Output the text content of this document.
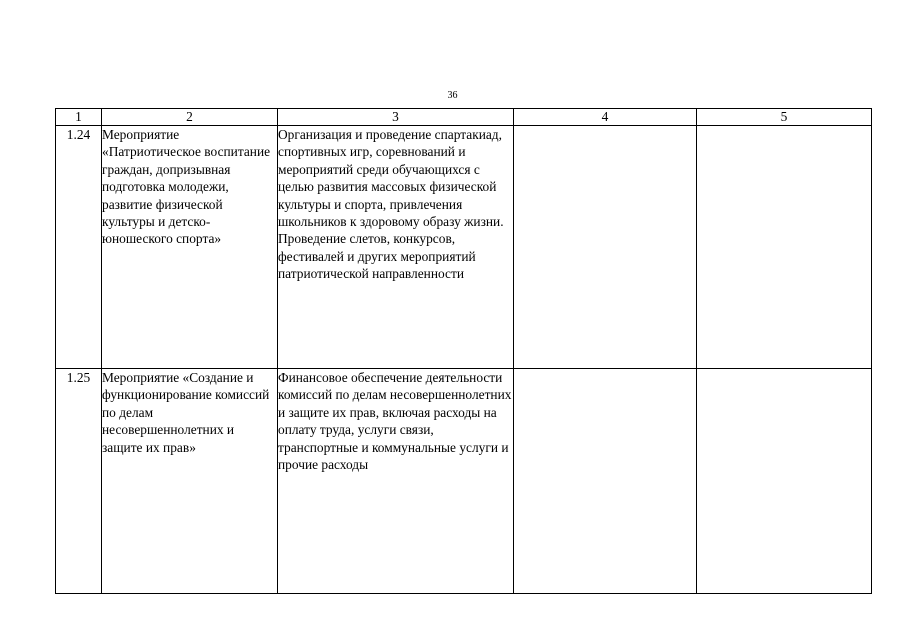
36
1	2	3	4	5
1.24	Мероприятие «Патриотическое воспитание граждан, допризывная подготовка молодежи, развитие физической культуры и детско-юношеского спорта»	Организация и проведение спартакиад, спортивных игр, соревнований и мероприятий среди обучающихся с целью развития массовых физической культуры и спорта, привлечения школьников к здоровому образу жизни. Проведение слетов, конкурсов, фестивалей и других мероприятий патриотической направленности		
1.25	Мероприятие «Создание и функционирование комиссий по делам несовершеннолетних и защите их прав»	Финансовое обеспечение деятельности комиссий по делам несовершеннолетних и защите их прав, включая расходы на оплату труда, услуги связи, транспортные и коммунальные услуги и прочие расходы		
